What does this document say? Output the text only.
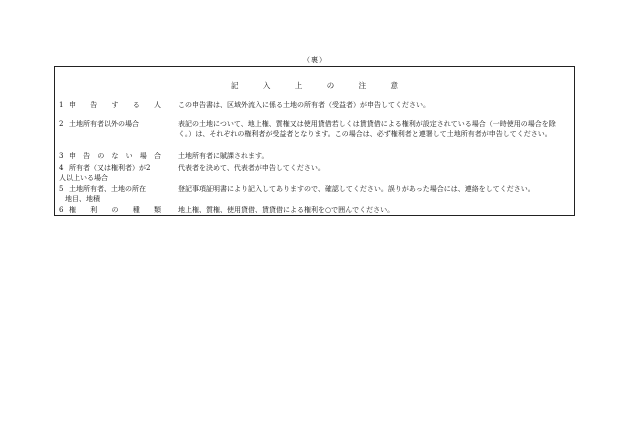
（裏）
記	入	上	の	注	意
1 申 告 す る 人 この申告書は、区域外流入に係る土地の所有者（受益者）が申告してください。
2 土地所有者以外の場合	表記の土地について、地上権、質権又は使用貸借若しくは賃貸借による権利が設定されている場合（一時使用の場合を除く。）は、それぞれの権利者が受益者となります。この場合は、必ず権利者と連署して土地所有者が申告してください。
3 申 告 の な い 場 合 土地所有者に賦課されます。
4 所有者（又は権利者）が2
人以上いる場合
代表者を決めて、代表者が申告してください。
5 土地所有者、土地の所在
地目、地積
登記事項証明書により記入してありますので、確認してください。誤りがあった場合には、連絡をしてください。
6 権 利 の 種 類 地上権、質権、使用貸借、賃貸借による権利を○で囲んでください。
